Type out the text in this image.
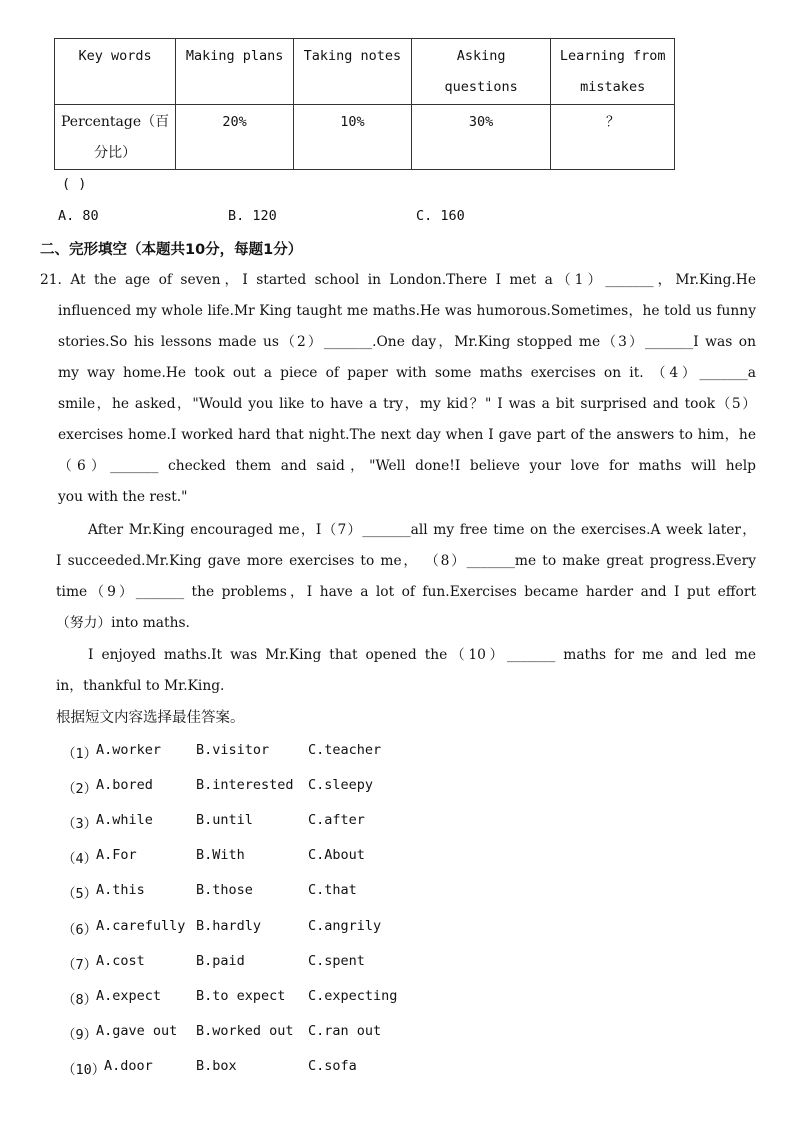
Key words	Making plans	Taking notes	Asking questions	Learning from mistakes
Percentage（百分比）	20%	10%	30%	？
( )
A. 80	B. 120	C. 160
二、完形填空（本题共10分，每题1分）
21. At the age of seven，I started school in London.There I met a（1）_______，Mr.King.He
influenced my whole life.Mr King taught me maths.He was humorous.Sometimes，he told us funny
stories.So his lessons made us（2）_______.One day，Mr.King stopped me（3）_______I was on
my way home.He took out a piece of paper with some maths exercises on it. （4）_______a
smile，he asked，"Would you like to have a try，my kid？" I was a bit surprised and took（5）
exercises home.I worked hard that night.The next day when I gave part of the answers to him，he
（6）_______ checked them and said，"Well done!I believe your love for maths will help
you with the rest."
After Mr.King encouraged me，I（7）_______all my free time on the exercises.A week later，
I succeeded.Mr.King gave more exercises to me， （8）_______me to make great progress.Every
time（9）_______ the problems，I have a lot of fun.Exercises became harder and I put effort
（努力）into maths.
I enjoyed maths.It was Mr.King that opened the（10）_______ maths for me and led me
in，thankful to Mr.King.
根据短文内容选择最佳答案。
（1）
A.worker	B.visitor	C.teacher
（2）
A.bored	B.interested C.sleepy
（3）
A.while	B.until	C.after
（4）
A.For	B.With	C.About
（5）
A.this	B.those	C.that
（6）
A.carefully B.hardly	C.angrily
（7）
A.cost	B.paid	C.spent
（8）
A.expect	B.to expect C.expecting
（9）
A.gave out B.worked out C.ran out
（10）
A.door	B.box	C.sofa
